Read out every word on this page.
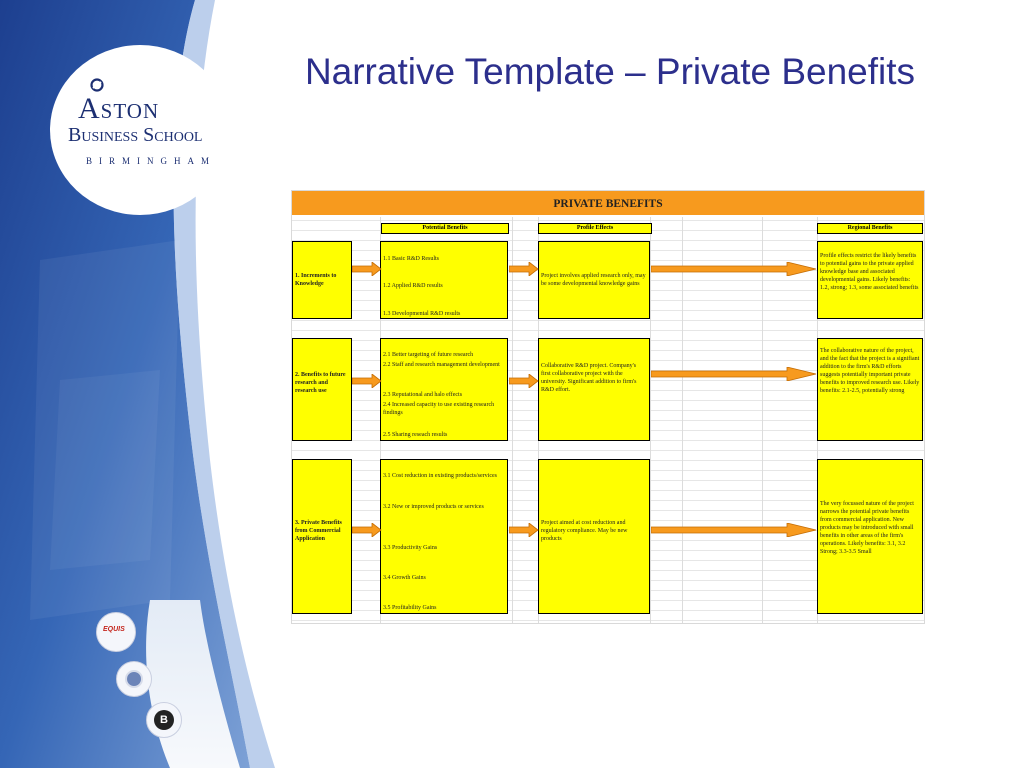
Aston
Business School
BIRMINGHAM
EQUIS
B
Narrative Template – Private Benefits
PRIVATE BENEFITS
Potential Benefits	Profile Effects	Regional Benefits
1. Increments to Knowledge
1.1 Basic R&D Results
1.2 Applied R&D results
1.3 Developmental R&D results
Project involves applied research only, may be some developmental knowledge gains
Profile effects restrict the likely benefits to potential gains to the private applied knowledge base and associated developmental gains. Likely benefits: 1.2, strong; 1.3, some associated benefits
2. Benefits to future research and research use
2.1 Better targeting of future research
2.2 Staff and research management development
2.3 Reputational and halo effects
2.4 Increased capacity to use existing research findings
2.5 Sharing reseach results
Collaborative R&D project. Company's first collaborative project with the university. Significant addition to firm's R&D effort.
The collaborative nature of the project, and the fact that the project is a signifiant addition to the firm's R&D efforts suggests potentially important private benefits to improved research use. Likely benefits: 2.1-2.5, potentially strong
3. Private Benefits from Commercial Application
3.1 Cost reduction in existing products/services
3.2 New or improved products or services
3.3 Productivity Gains
3.4 Growth Gains
3.5 Profitability Gains
Project aimed at cost reduction and regulatory compliance. May be new products
The very focussed nature of the project narrows the potential private benefits from commercial application. New products may be introduced with small benefits in other areas of the firm's operations. Likely benefits: 3.1, 3.2 Strong; 3.3-3.5 Small
